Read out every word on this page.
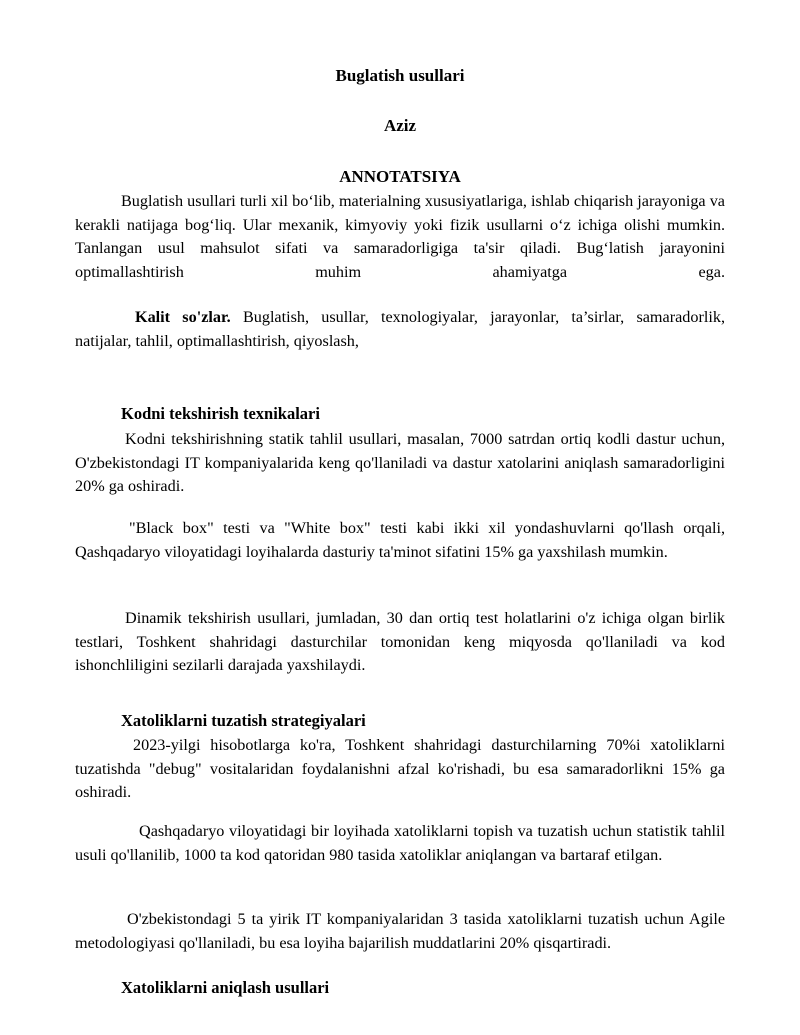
Buglatish usullari
Aziz
ANNOTATSIYA

Buglatish usullari turli xil bo‘lib, materialning xususiyatlariga, ishlab chiqarish jarayoniga va kerakli natijaga bog‘liq. Ular mexanik, kimyoviy yoki fizik usullarni o‘z ichiga olishi mumkin. Tanlangan usul mahsulot sifati va samaradorligiga ta'sir qiladi. Bug‘latish jarayonini optimallashtirish muhim ahamiyatga ega.

Kalit so'zlar. Buglatish, usullar, texnologiyalar, jarayonlar, ta’sirlar, samaradorlik, natijalar, tahlil, optimallashtirish, qiyoslash,

Kodni tekshirish texnikalari

Kodni tekshirishning statik tahlil usullari, masalan, 7000 satrdan ortiq kodli dastur uchun, O'zbekistondagi IT kompaniyalarida keng qo'llaniladi va dastur xatolarini aniqlash samaradorligini 20% ga oshiradi.

"Black box" testi va "White box" testi kabi ikki xil yondashuvlarni qo'llash orqali, Qashqadaryo viloyatidagi loyihalarda dasturiy ta'minot sifatini 15% ga yaxshilash mumkin.

Dinamik tekshirish usullari, jumladan, 30 dan ortiq test holatlarini o'z ichiga olgan birlik testlari, Toshkent shahridagi dasturchilar tomonidan keng miqyosda qo'llaniladi va kod ishonchliligini sezilarli darajada yaxshilaydi.

Xatoliklarni tuzatish strategiyalari

2023-yilgi hisobotlarga ko'ra, Toshkent shahridagi dasturchilarning 70%i xatoliklarni tuzatishda "debug" vositalaridan foydalanishni afzal ko'rishadi, bu esa samaradorlikni 15% ga oshiradi.

Qashqadaryo viloyatidagi bir loyihada xatoliklarni topish va tuzatish uchun statistik tahlil usuli qo'llanilib, 1000 ta kod qatoridan 980 tasida xatoliklar aniqlangan va bartaraf etilgan.

O'zbekistondagi 5 ta yirik IT kompaniyalaridan 3 tasida xatoliklarni tuzatish uchun Agile metodologiyasi qo'llaniladi, bu esa loyiha bajarilish muddatlarini 20% qisqartiradi.

Xatoliklarni aniqlash usullari
